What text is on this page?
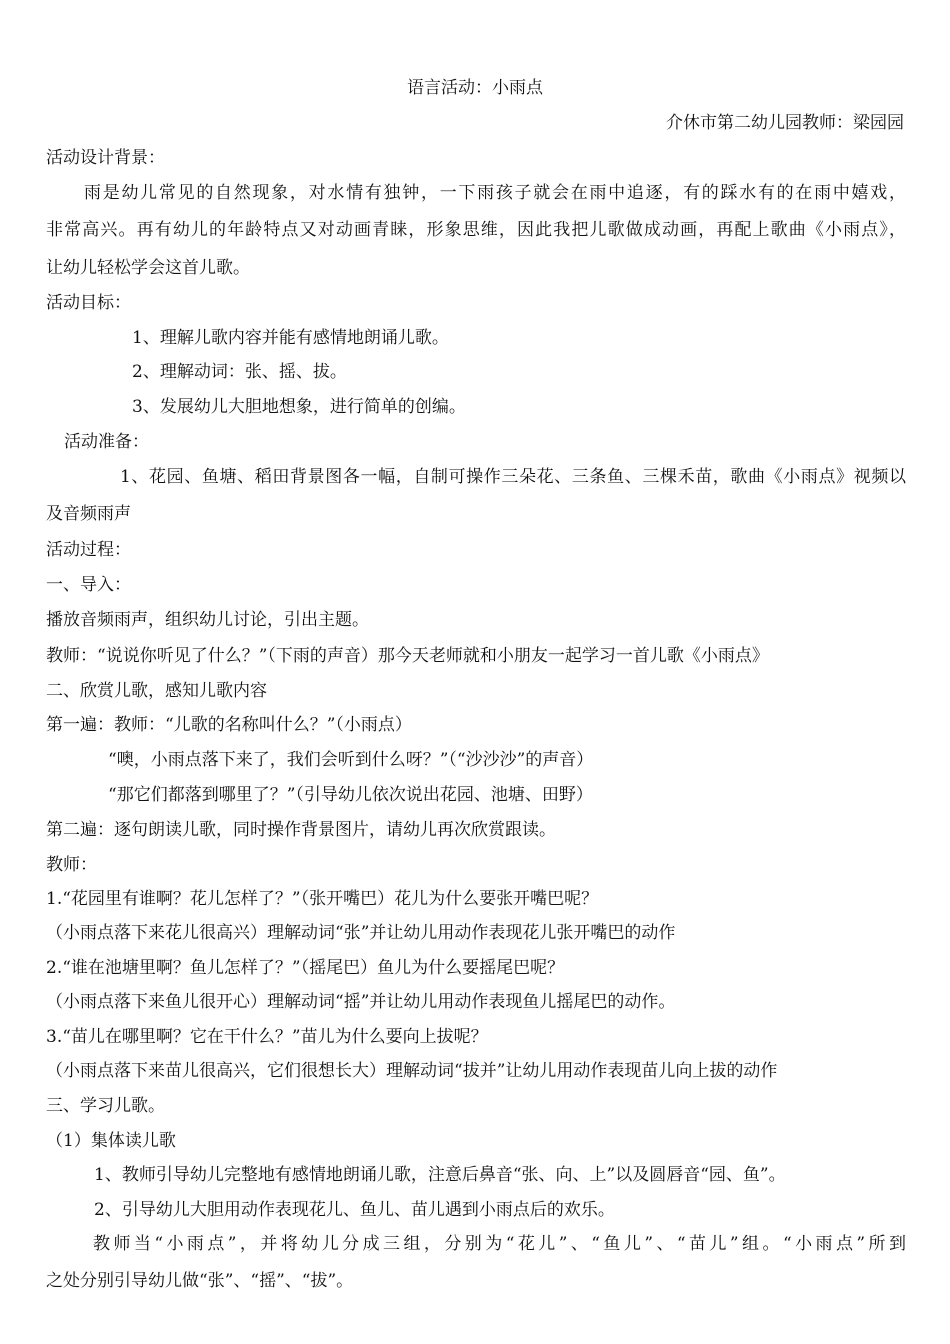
语言活动：小雨点
介休市第二幼儿园教师：梁园园
活动设计背景：
雨是幼儿常见的自然现象，对水情有独钟，一下雨孩子就会在雨中追逐，有的踩水有的在雨中嬉戏，
非常高兴。再有幼儿的年龄特点又对动画青睐，形象思维，因此我把儿歌做成动画，再配上歌曲《小雨点》，
让幼儿轻松学会这首儿歌。
活动目标：
1、理解儿歌内容并能有感情地朗诵儿歌。
2、理解动词：张、摇、拔。
3、发展幼儿大胆地想象，进行简单的创编。
活动准备：
1、花园、鱼塘、稻田背景图各一幅，自制可操作三朵花、三条鱼、三棵禾苗，歌曲《小雨点》视频以
及音频雨声
活动过程：
一、导入：
播放音频雨声，组织幼儿讨论，引出主题。
教师：“说说你听见了什么？”（下雨的声音）那今天老师就和小朋友一起学习一首儿歌《小雨点》
二、欣赏儿歌，感知儿歌内容
第一遍：教师：“儿歌的名称叫什么？”（小雨点）
“噢，小雨点落下来了，我们会听到什么呀？”（“沙沙沙”的声音）
“那它们都落到哪里了？”（引导幼儿依次说出花园、池塘、田野）
第二遍：逐句朗读儿歌，同时操作背景图片，请幼儿再次欣赏跟读。
教师：
1.“花园里有谁啊？花儿怎样了？”（张开嘴巴）花儿为什么要张开嘴巴呢？
（小雨点落下来花儿很高兴）理解动词“张”并让幼儿用动作表现花儿张开嘴巴的动作
2.“谁在池塘里啊？鱼儿怎样了？”（摇尾巴）鱼儿为什么要摇尾巴呢？
（小雨点落下来鱼儿很开心）理解动词“摇”并让幼儿用动作表现鱼儿摇尾巴的动作。
3.“苗儿在哪里啊？它在干什么？”苗儿为什么要向上拔呢？
（小雨点落下来苗儿很高兴，它们很想长大）理解动词“拔并”让幼儿用动作表现苗儿向上拔的动作
三、学习儿歌。
（1）集体读儿歌
1、教师引导幼儿完整地有感情地朗诵儿歌，注意后鼻音“张、向、上”以及圆唇音“园、鱼”。
2、引导幼儿大胆用动作表现花儿、鱼儿、苗儿遇到小雨点后的欢乐。
教师当“小雨点”，并将幼儿分成三组，分别为“花儿”、“鱼儿”、“苗儿”组。“小雨点”所到
之处分别引导幼儿做“张”、“摇”、“拔”。
